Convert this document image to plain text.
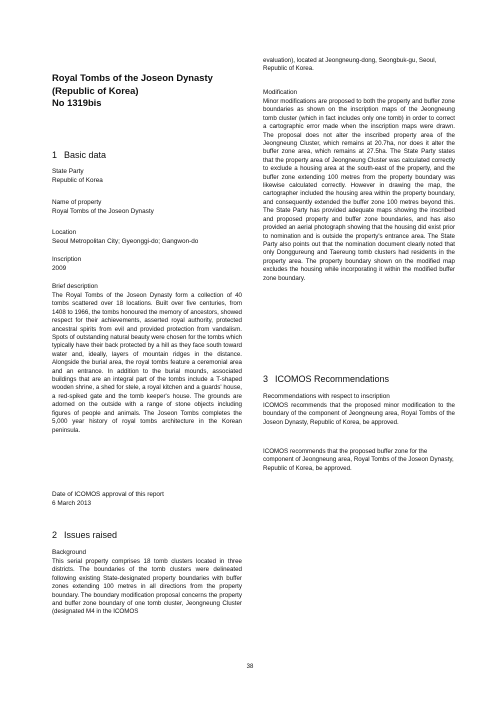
Royal Tombs of the Joseon Dynasty
(Republic of Korea)
No 1319bis
1 Basic data

State Party

Republic of Korea

Name of property

Royal Tombs of the Joseon Dynasty

Location

Seoul Metropolitan City; Gyeonggi-do; Gangwon-do

Inscription

2009

Brief description

The Royal Tombs of the Joseon Dynasty form a collection of 40 tombs scattered over 18 locations. Built over five centuries, from 1408 to 1966, the tombs honoured the memory of ancestors, showed respect for their achievements, asserted royal authority, protected ancestral spirits from evil and provided protection from vandalism. Spots of outstanding natural beauty were chosen for the tombs which typically have their back protected by a hill as they face south toward water and, ideally, layers of mountain ridges in the distance. Alongside the burial area, the royal tombs feature a ceremonial area and an entrance. In addition to the burial mounds, associated buildings that are an integral part of the tombs include a T-shaped wooden shrine, a shed for stele, a royal kitchen and a guards' house, a red-spiked gate and the tomb keeper's house. The grounds are adorned on the outside with a range of stone objects including figures of people and animals. The Joseon Tombs completes the 5,000 year history of royal tombs architecture in the Korean peninsula.

Date of ICOMOS approval of this report

6 March 2013

2 Issues raised

Background

This serial property comprises 18 tomb clusters located in three districts. The boundaries of the tomb clusters were delineated following existing State-designated property boundaries with buffer zones extending 100 metres in all directions from the property boundary. The boundary modification proposal concerns the property and buffer zone boundary of one tomb cluster, Jeongneung Cluster (designated M4 in the ICOMOS

evaluation), located at Jeongneung-dong, Seongbuk-gu, Seoul, Republic of Korea.

Modification

Minor modifications are proposed to both the property and buffer zone boundaries as shown on the inscription maps of the Jeongneung tomb cluster (which in fact includes only one tomb) in order to correct a cartographic error made when the inscription maps were drawn. The proposal does not alter the inscribed property area of the Jeongneung Cluster, which remains at 20.7ha, nor does it alter the buffer zone area, which remains at 27.5ha. The State Party states that the property area of Jeongneung Cluster was calculated correctly to exclude a housing area at the south-east of the property, and the buffer zone extending 100 metres from the property boundary was likewise calculated correctly. However in drawing the map, the cartographer included the housing area within the property boundary, and consequently extended the buffer zone 100 metres beyond this. The State Party has provided adequate maps showing the inscribed and proposed property and buffer zone boundaries, and has also provided an aerial photograph showing that the housing did exist prior to nomination and is outside the property's entrance area. The State Party also points out that the nomination document clearly noted that only Donggureung and Taereung tomb clusters had residents in the property area. The property boundary shown on the modified map excludes the housing while incorporating it within the modified buffer zone boundary.

3 ICOMOS Recommendations

Recommendations with respect to inscription

ICOMOS recommends that the proposed minor modification to the boundary of the component of Jeongneung area, Royal Tombs of the Joseon Dynasty, Republic of Korea, be approved.

ICOMOS recommends that the proposed buffer zone for the component of Jeongneung area, Royal Tombs of the Joseon Dynasty, Republic of Korea, be approved.

38
